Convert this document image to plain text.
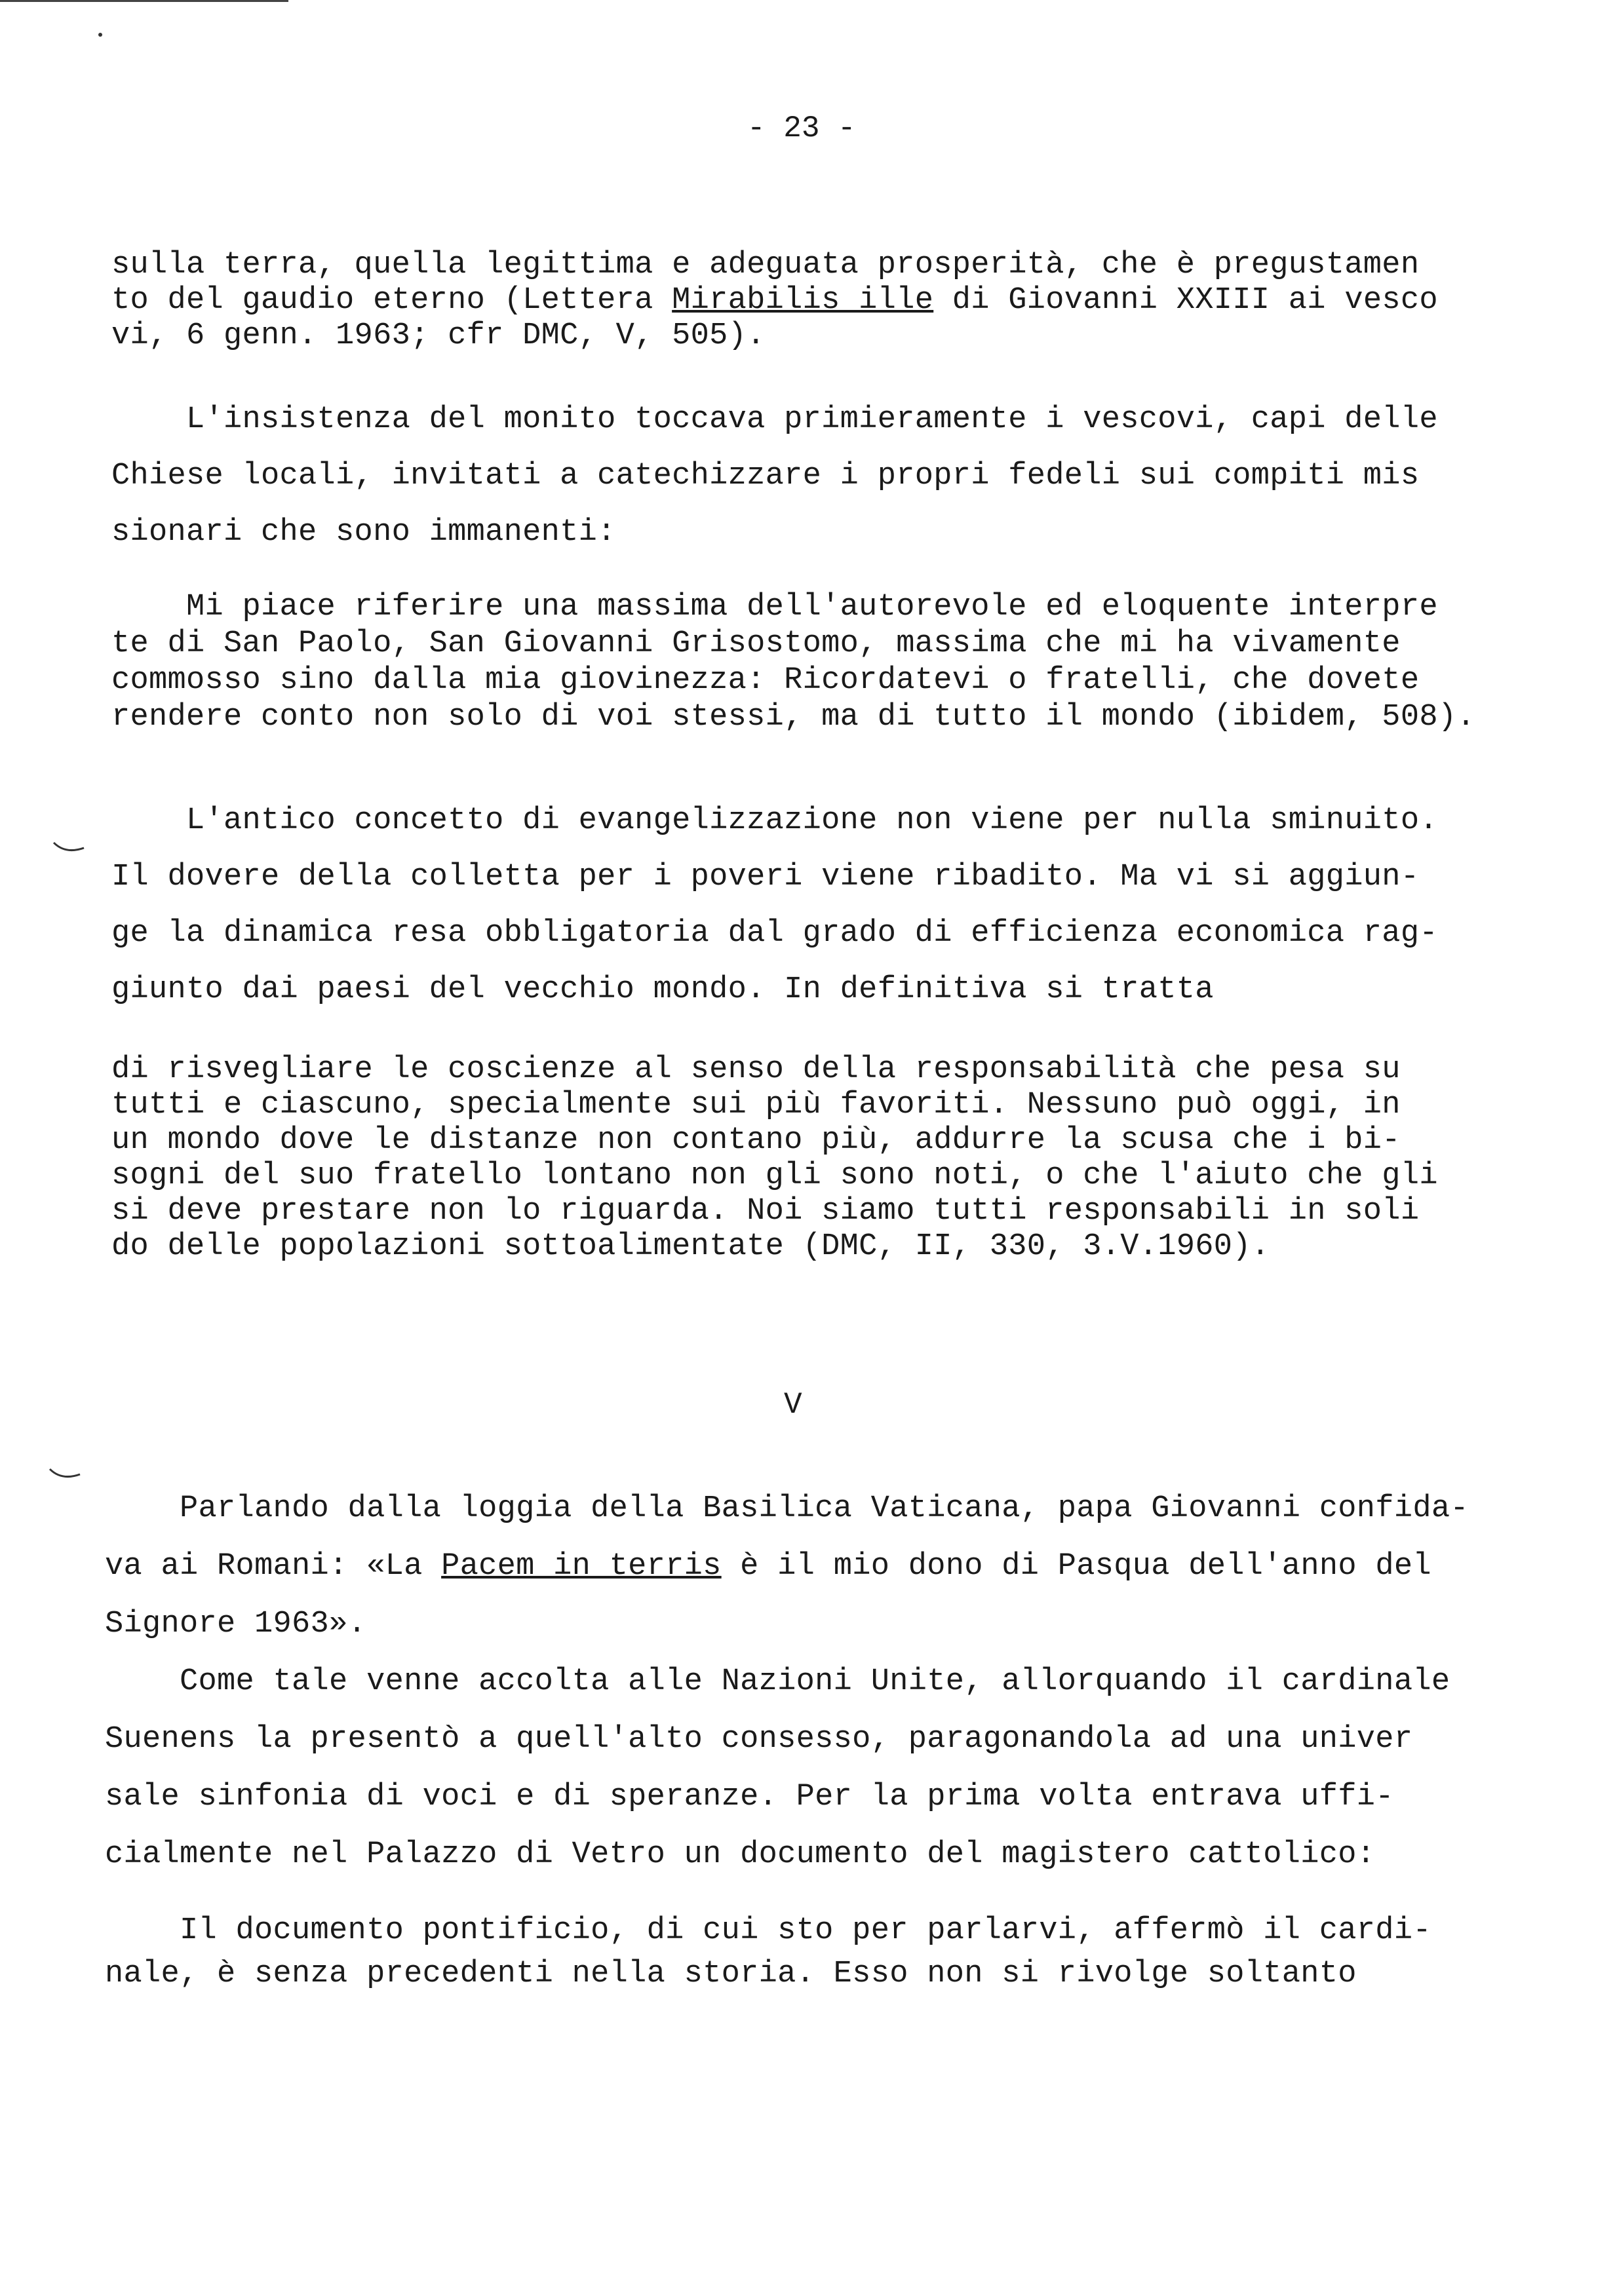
- 23 -
sulla terra, quella legittima e adeguata prosperità, che è pregustamen
to del gaudio eterno (Lettera Mirabilis ille di Giovanni XXIII ai vesco
vi, 6 genn. 1963; cfr DMC, V, 505).
L'insistenza del monito toccava primieramente i vescovi, capi delle
Chiese locali, invitati a catechizzare i propri fedeli sui compiti mis
sionari che sono immanenti:
Mi piace riferire una massima dell'autorevole ed eloquente interpre
te di San Paolo, San Giovanni Grisostomo, massima che mi ha vivamente
commosso sino dalla mia giovinezza: Ricordatevi o fratelli, che dovete
rendere conto non solo di voi stessi, ma di tutto il mondo (ibidem, 508).
L'antico concetto di evangelizzazione non viene per nulla sminuito.
Il dovere della colletta per i poveri viene ribadito. Ma vi si aggiun-
ge la dinamica resa obbligatoria dal grado di efficienza economica rag-
giunto dai paesi del vecchio mondo. In definitiva si tratta
di risvegliare le coscienze al senso della responsabilità che pesa su
tutti e ciascuno, specialmente sui più favoriti. Nessuno può oggi, in
un mondo dove le distanze non contano più, addurre la scusa che i bi-
sogni del suo fratello lontano non gli sono noti, o che l'aiuto che gli
si deve prestare non lo riguarda. Noi siamo tutti responsabili in soli
do delle popolazioni sottoalimentate (DMC, II, 330, 3.V.1960).
V
Parlando dalla loggia della Basilica Vaticana, papa Giovanni confida-
va ai Romani: «La Pacem in terris è il mio dono di Pasqua dell'anno del
Signore 1963».
Come tale venne accolta alle Nazioni Unite, allorquando il cardinale
Suenens la presentò a quell'alto consesso, paragonandola ad una univer
sale sinfonia di voci e di speranze. Per la prima volta entrava uffi-
cialmente nel Palazzo di Vetro un documento del magistero cattolico:
Il documento pontificio, di cui sto per parlarvi, affermò il cardi-
nale, è senza precedenti nella storia. Esso non si rivolge soltanto
